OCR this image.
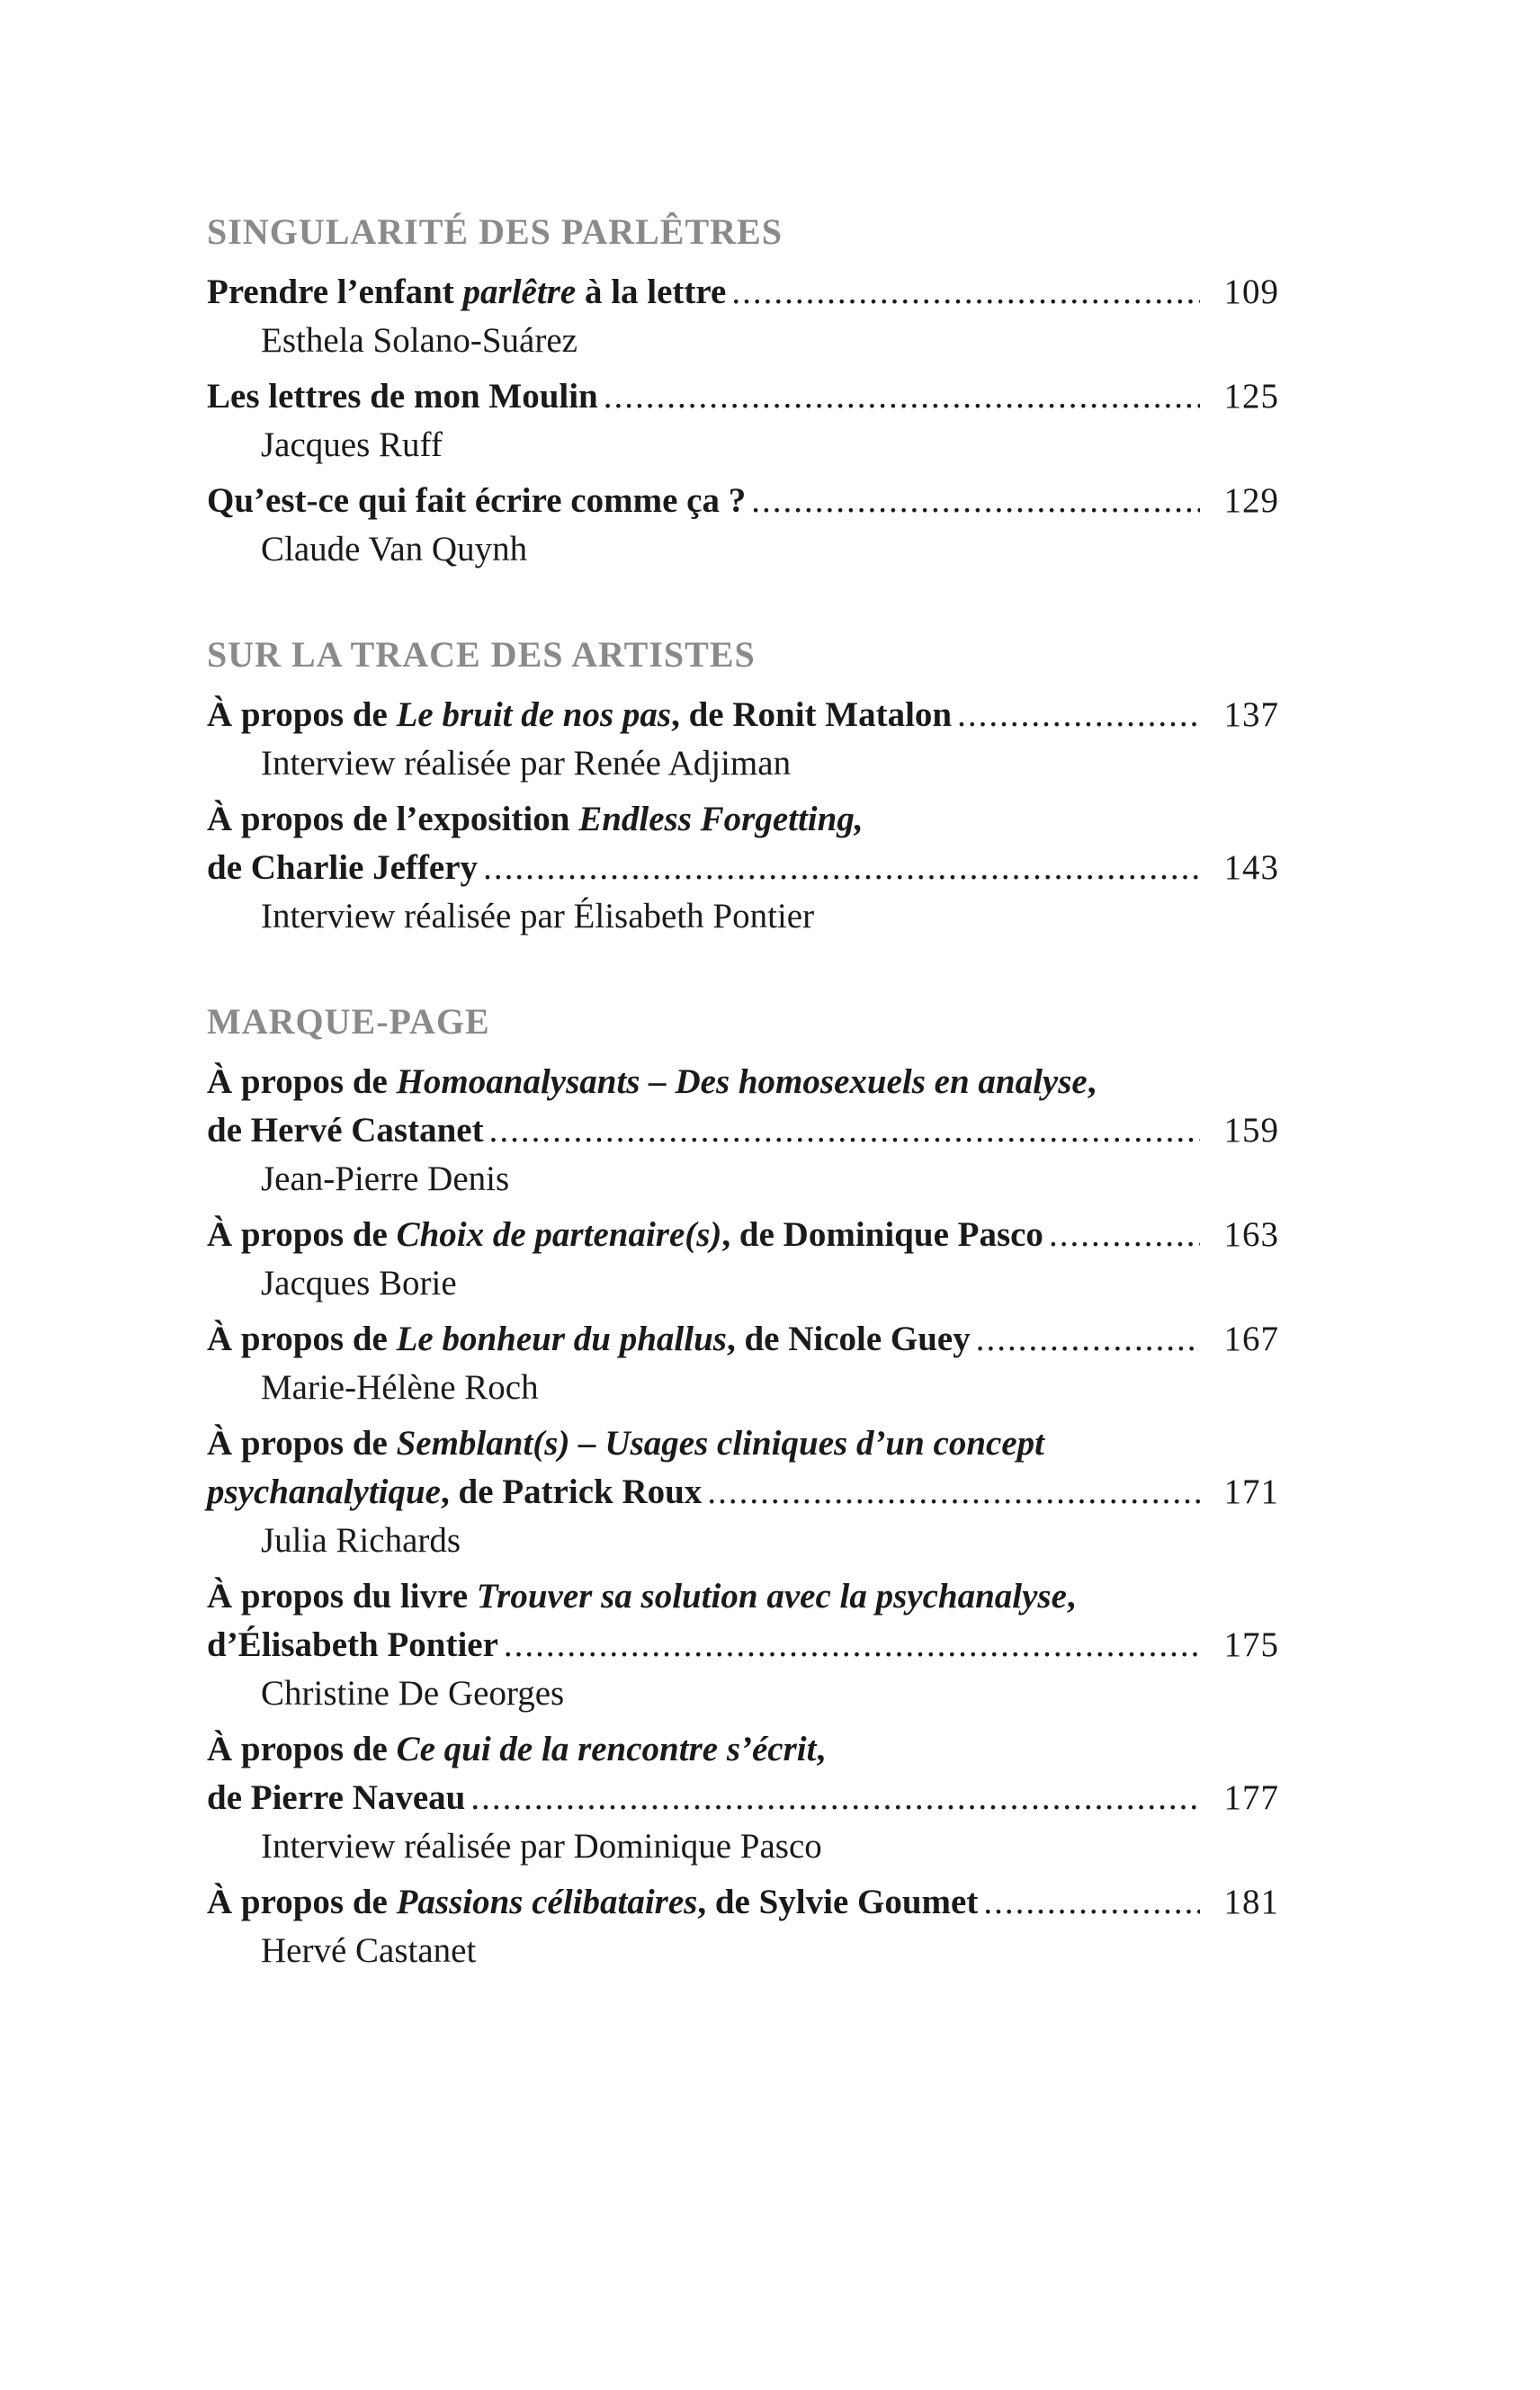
SINGULARITÉ DES PARLÊTRES
Prendre l’enfant parlêtre à la lettre .....	109
Esthela Solano-Suárez
Les lettres de mon Moulin .....	125
Jacques Ruff
Qu’est-ce qui fait écrire comme ça ? .....	129
Claude Van Quynh
SUR LA TRACE DES ARTISTES
À propos de Le bruit de nos pas, de Ronit Matalon .....	137
Interview réalisée par Renée Adjiman
À propos de l’exposition Endless Forgetting,
de Charlie Jeffery .....	143
Interview réalisée par Élisabeth Pontier
MARQUE-PAGE
À propos de Homoanalysants – Des homosexuels en analyse,
de Hervé Castanet .....	159
Jean-Pierre Denis
À propos de Choix de partenaire(s), de Dominique Pasco .....	163
Jacques Borie
À propos de Le bonheur du phallus, de Nicole Guey .....	167
Marie-Hélène Roch
À propos de Semblant(s) – Usages cliniques d’un concept
psychanalytique, de Patrick Roux .....	171
Julia Richards
À propos du livre Trouver sa solution avec la psychanalyse,
d’Élisabeth Pontier .....	175
Christine De Georges
À propos de Ce qui de la rencontre s’écrit,
de Pierre Naveau .....	177
Interview réalisée par Dominique Pasco
À propos de Passions célibataires, de Sylvie Goumet .....	181
Hervé Castanet
